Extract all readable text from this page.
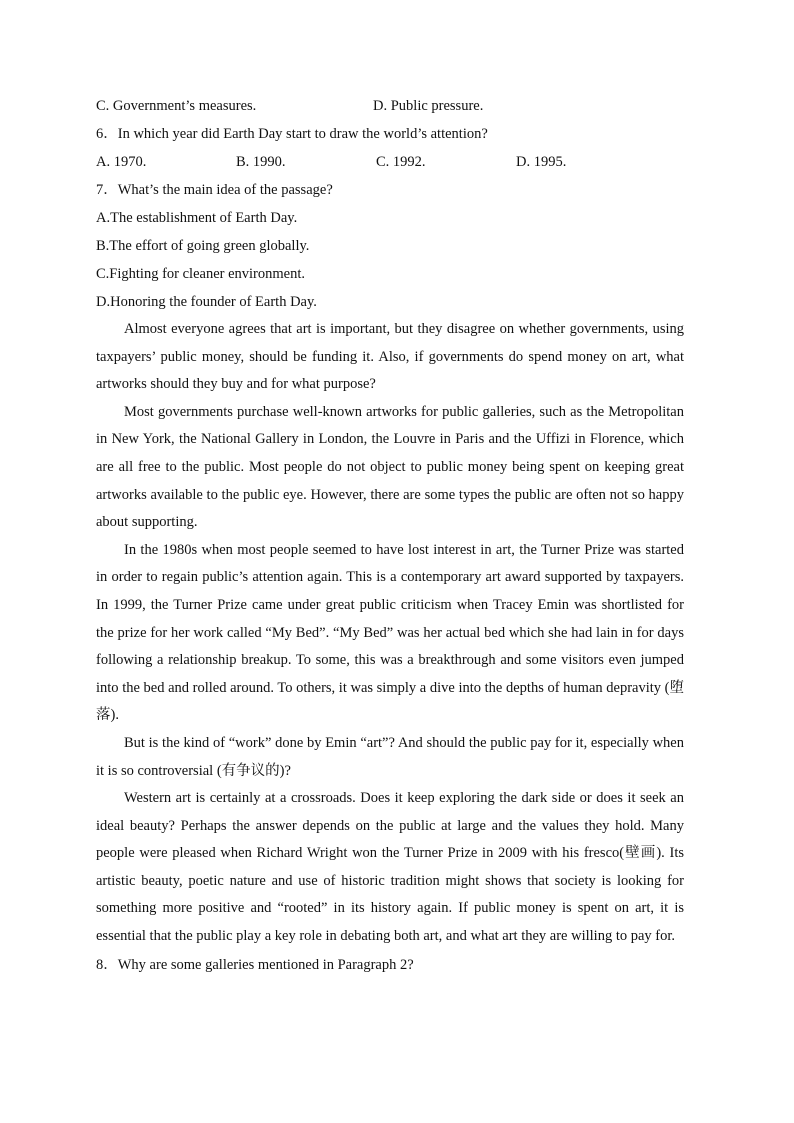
C. Government’s measures.	D. Public pressure.
6．In which year did Earth Day start to draw the world’s attention?
A. 1970.	B. 1990.	C. 1992.	D. 1995.
7．What’s the main idea of the passage?
A.The establishment of Earth Day.
B.The effort of going green globally.
C.Fighting for cleaner environment.
D.Honoring the founder of Earth Day.

Almost everyone agrees that art is important, but they disagree on whether governments, using taxpayers’ public money, should be funding it. Also, if governments do spend money on art, what artworks should they buy and for what purpose?

Most governments purchase well-known artworks for public galleries, such as the Metropolitan in New York, the National Gallery in London, the Louvre in Paris and the Uffizi in Florence, which are all free to the public. Most people do not object to public money being spent on keeping great artworks available to the public eye. However, there are some types the public are often not so happy about supporting.

In the 1980s when most people seemed to have lost interest in art, the Turner Prize was started in order to regain public’s attention again. This is a contemporary art award supported by taxpayers. In 1999, the Turner Prize came under great public criticism when Tracey Emin was shortlisted for the prize for her work called “My Bed”. “My Bed” was her actual bed which she had lain in for days following a relationship breakup. To some, this was a breakthrough and some visitors even jumped into the bed and rolled around. To others, it was simply a dive into the depths of human depravity (堕落).

But is the kind of “work” done by Emin “art”? And should the public pay for it, especially when it is so controversial (有争议的)?

Western art is certainly at a crossroads. Does it keep exploring the dark side or does it seek an ideal beauty? Perhaps the answer depends on the public at large and the values they hold. Many people were pleased when Richard Wright won the Turner Prize in 2009 with his fresco(壁画). Its artistic beauty, poetic nature and use of historic tradition might shows that society is looking for something more positive and “rooted” in its history again. If public money is spent on art, it is essential that the public play a key role in debating both art, and what art they are willing to pay for.

8．Why are some galleries mentioned in Paragraph 2?
